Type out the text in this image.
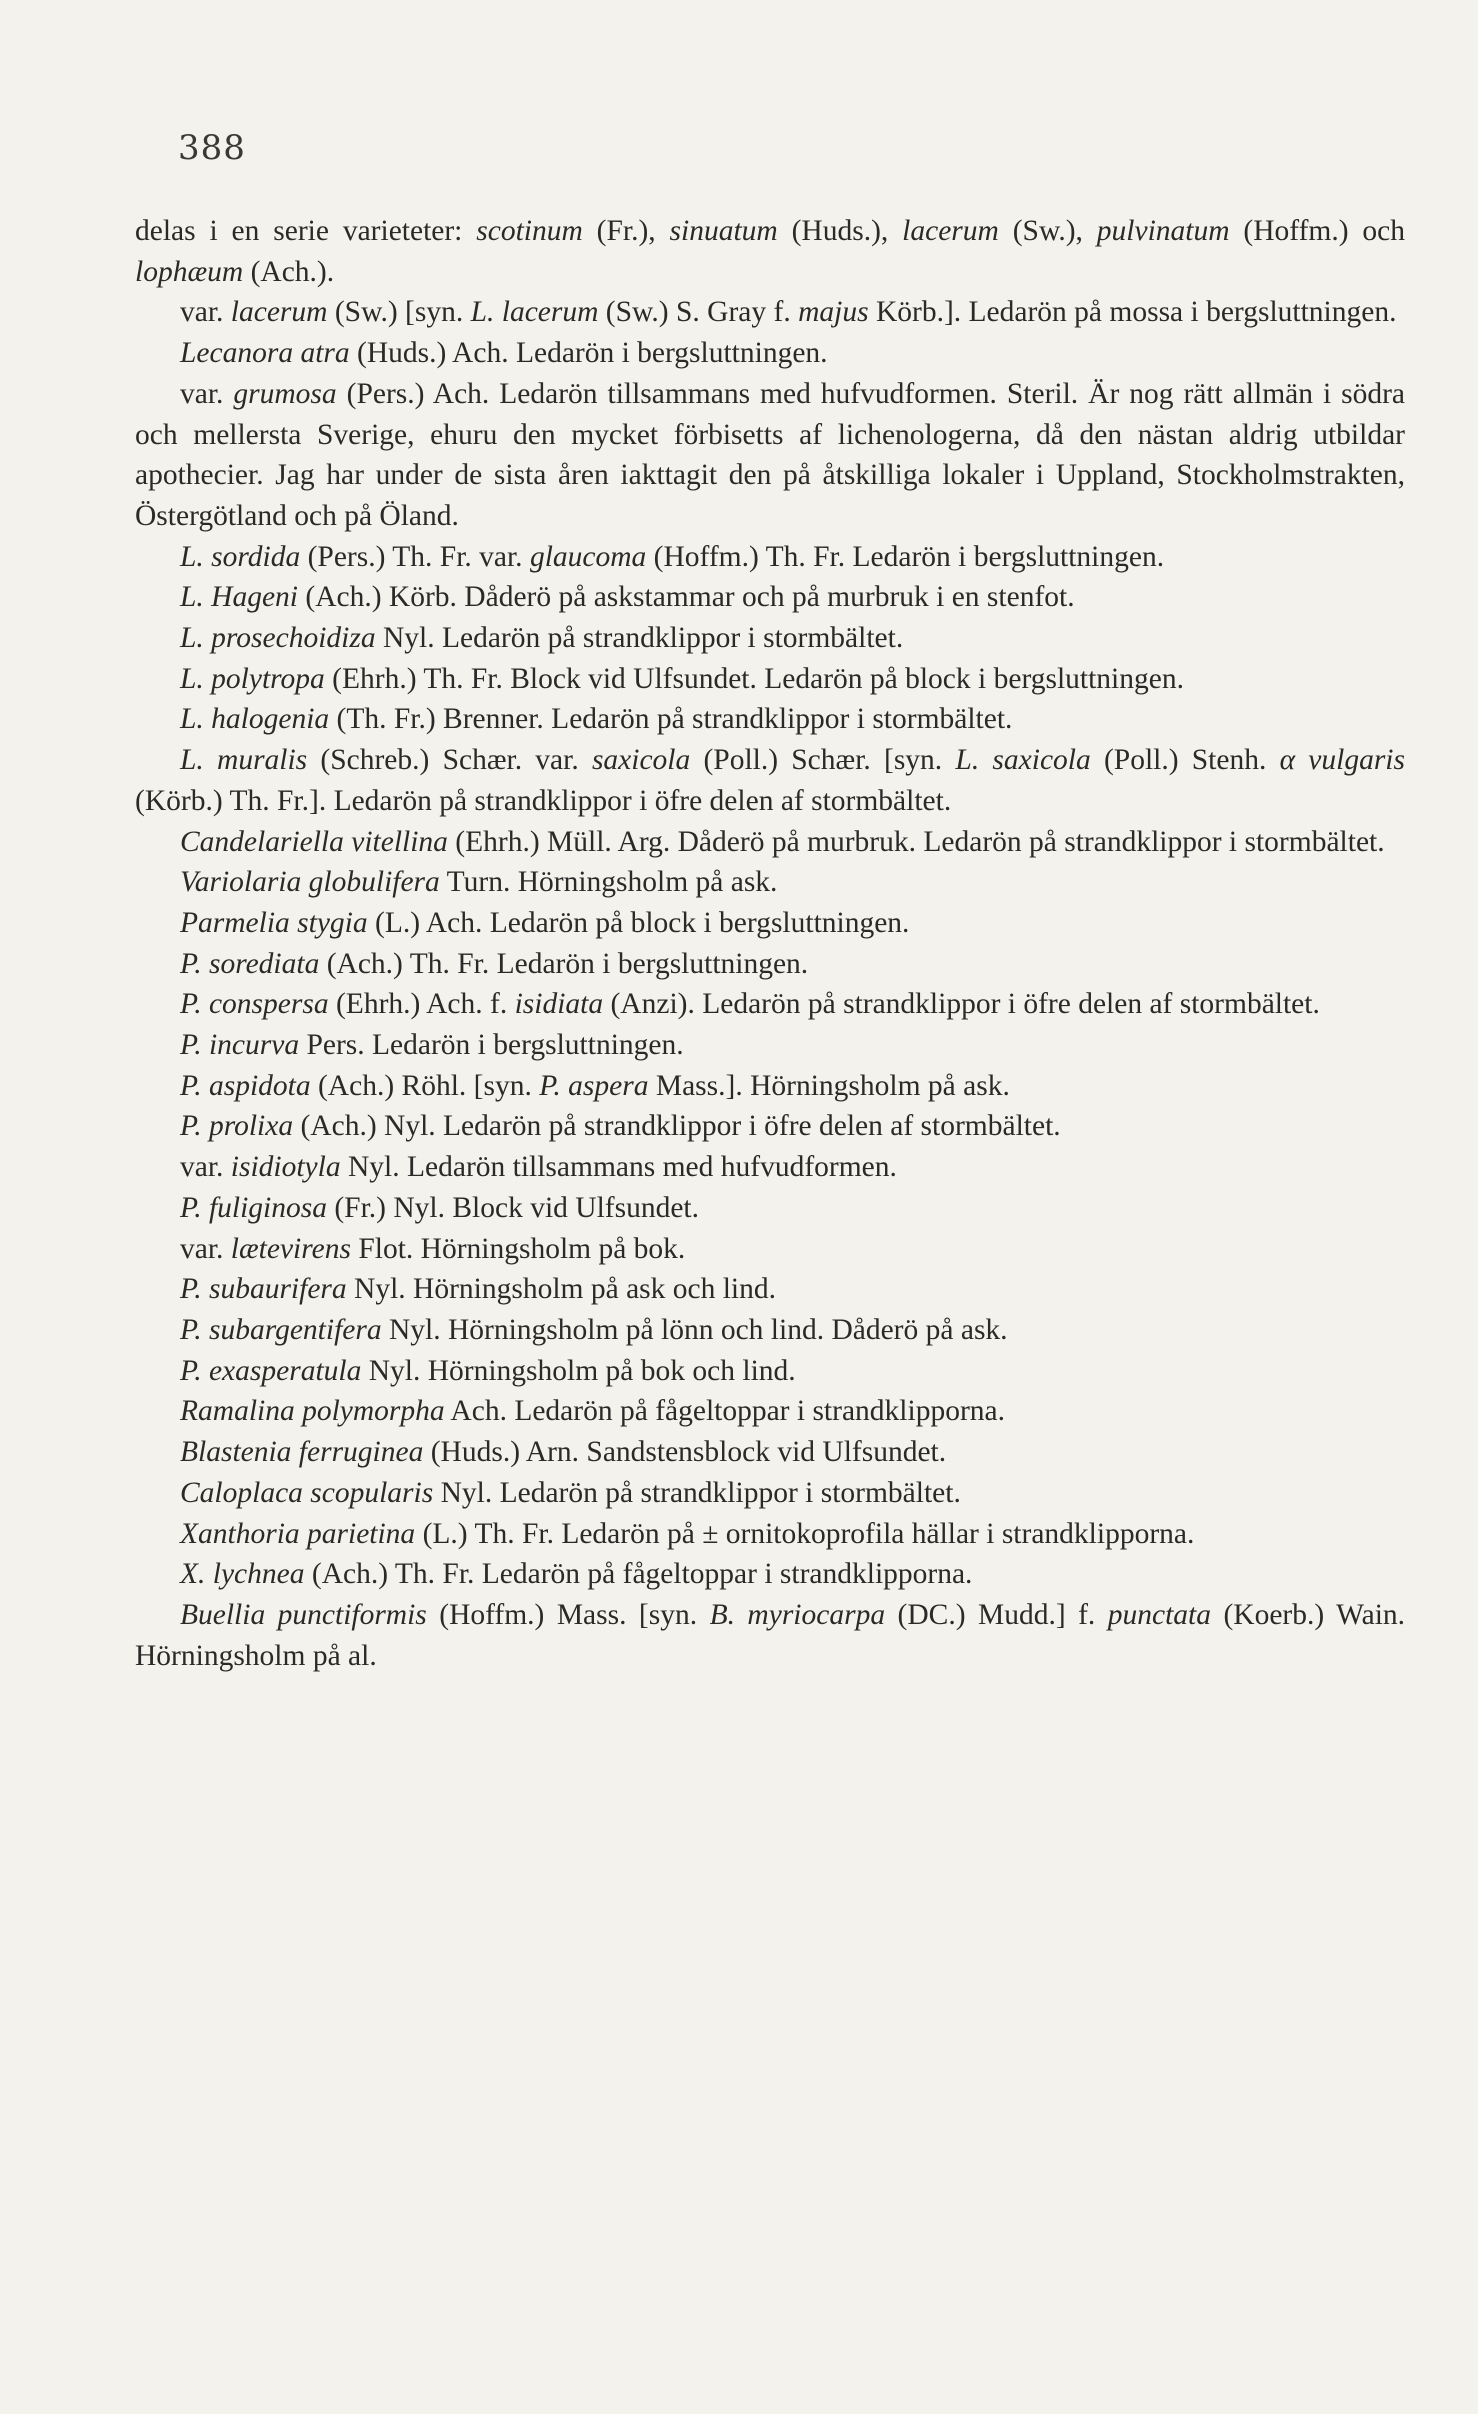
388

delas i en serie varieteter: scotinum (Fr.), sinuatum (Huds.), lacerum (Sw.), pulvinatum (Hoffm.) och lophæum (Ach.).

var. lacerum (Sw.) [syn. L. lacerum (Sw.) S. Gray f. majus Körb.]. Ledarön på mossa i bergsluttningen.

Lecanora atra (Huds.) Ach. Ledarön i bergsluttningen.

var. grumosa (Pers.) Ach. Ledarön tillsammans med hufvudformen. Steril. Är nog rätt allmän i södra och mellersta Sverige, ehuru den mycket förbisetts af lichenologerna, då den nästan aldrig utbildar apothecier. Jag har under de sista åren iakttagit den på åtskilliga lokaler i Uppland, Stockholmstrakten, Östergötland och på Öland.

L. sordida (Pers.) Th. Fr. var. glaucoma (Hoffm.) Th. Fr. Ledarön i bergsluttningen.

L. Hageni (Ach.) Körb. Dåderö på askstammar och på murbruk i en stenfot.

L. prosechoidiza Nyl. Ledarön på strandklippor i stormbältet.

L. polytropa (Ehrh.) Th. Fr. Block vid Ulfsundet. Ledarön på block i bergsluttningen.

L. halogenia (Th. Fr.) Brenner. Ledarön på strandklippor i stormbältet.

L. muralis (Schreb.) Schær. var. saxicola (Poll.) Schær. [syn. L. saxicola (Poll.) Stenh. α vulgaris (Körb.) Th. Fr.]. Ledarön på strandklippor i öfre delen af stormbältet.

Candelariella vitellina (Ehrh.) Müll. Arg. Dåderö på murbruk. Ledarön på strandklippor i stormbältet.

Variolaria globulifera Turn. Hörningsholm på ask.

Parmelia stygia (L.) Ach. Ledarön på block i bergsluttningen.

P. sorediata (Ach.) Th. Fr. Ledarön i bergsluttningen.

P. conspersa (Ehrh.) Ach. f. isidiata (Anzi). Ledarön på strandklippor i öfre delen af stormbältet.

P. incurva Pers. Ledarön i bergsluttningen.

P. aspidota (Ach.) Röhl. [syn. P. aspera Mass.]. Hörningsholm på ask.

P. prolixa (Ach.) Nyl. Ledarön på strandklippor i öfre delen af stormbältet.

var. isidiotyla Nyl. Ledarön tillsammans med hufvudformen.

P. fuliginosa (Fr.) Nyl. Block vid Ulfsundet.

var. lætevirens Flot. Hörningsholm på bok.

P. subaurifera Nyl. Hörningsholm på ask och lind.

P. subargentifera Nyl. Hörningsholm på lönn och lind. Dåderö på ask.

P. exasperatula Nyl. Hörningsholm på bok och lind.

Ramalina polymorpha Ach. Ledarön på fågeltoppar i strandklipporna.

Blastenia ferruginea (Huds.) Arn. Sandstensblock vid Ulfsundet.

Caloplaca scopularis Nyl. Ledarön på strandklippor i stormbältet.

Xanthoria parietina (L.) Th. Fr. Ledarön på ± ornitokoprofila hällar i strandklipporna.

X. lychnea (Ach.) Th. Fr. Ledarön på fågeltoppar i strandklipporna.

Buellia punctiformis (Hoffm.) Mass. [syn. B. myriocarpa (DC.) Mudd.] f. punctata (Koerb.) Wain. Hörningsholm på al.
